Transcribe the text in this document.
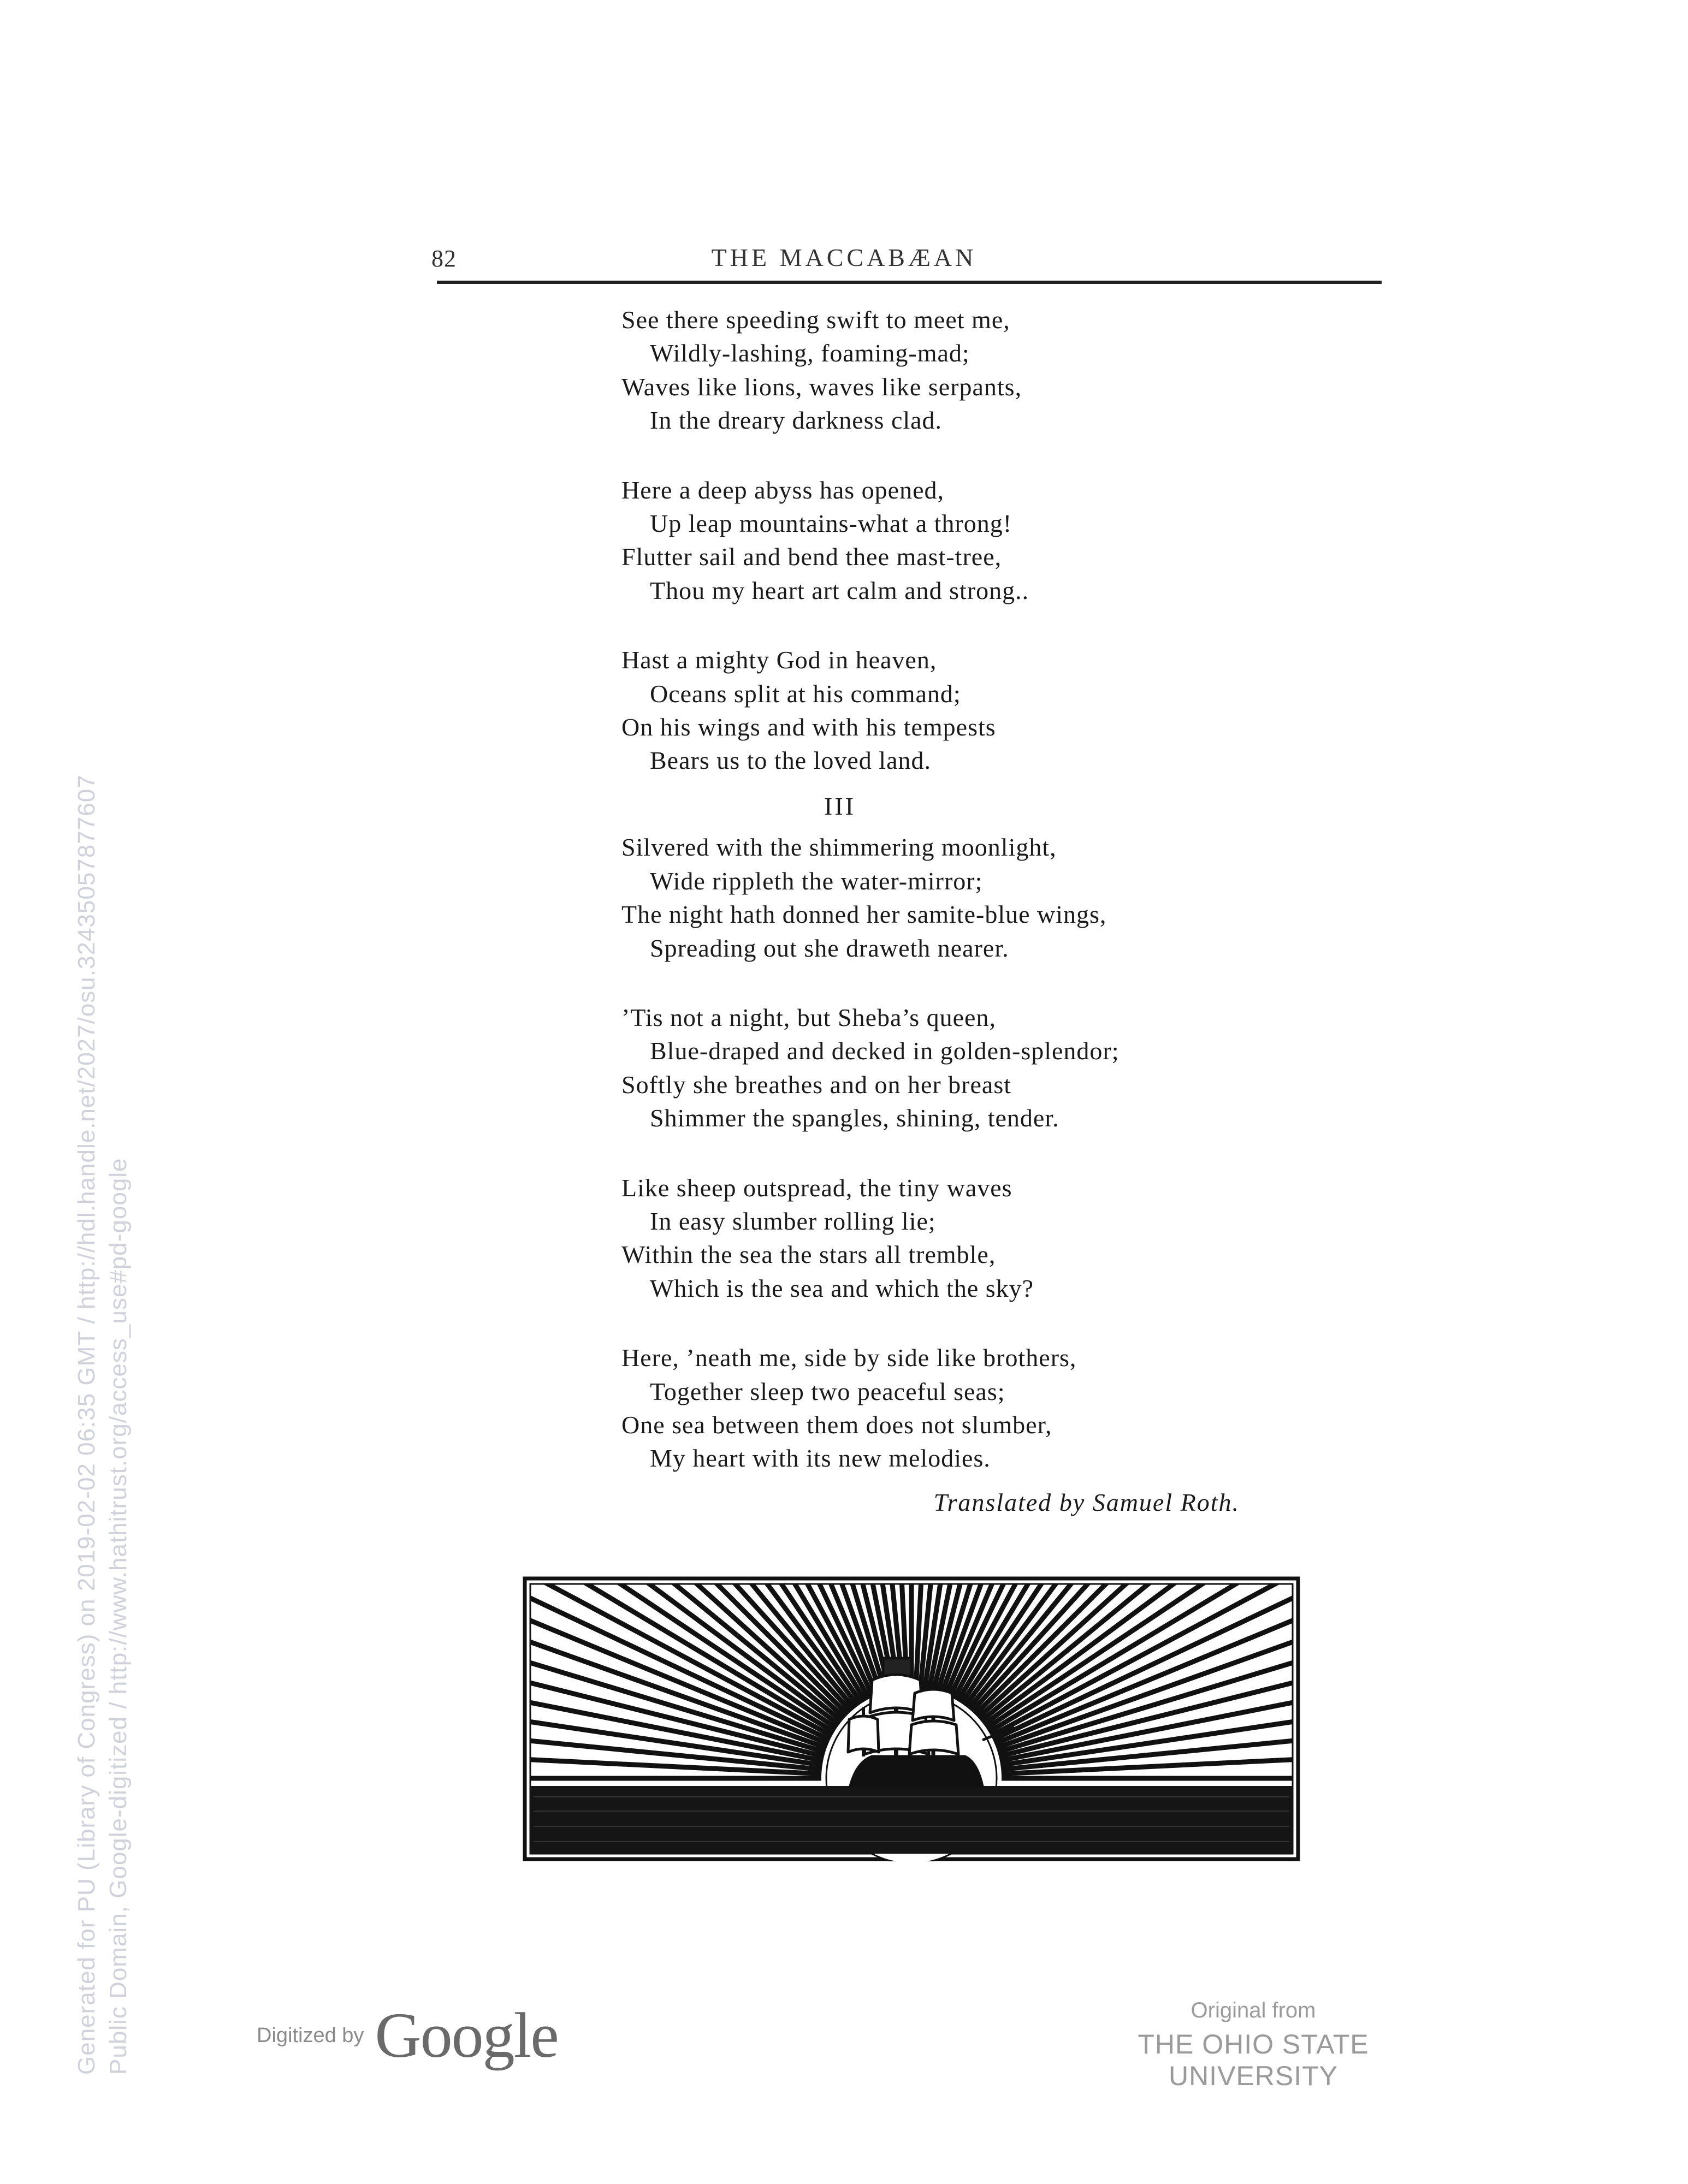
82	THE MACCABÆAN
See there speeding swift to meet me,
Wildly-lashing, foaming-mad;
Waves like lions, waves like serpants,
In the dreary darkness clad.
Here a deep abyss has opened,
Up leap mountains-what a throng!
Flutter sail and bend thee mast-tree,
Thou my heart art calm and strong..
Hast a mighty God in heaven,
Oceans split at his command;
On his wings and with his tempests
Bears us to the loved land.
III
Silvered with the shimmering moonlight,
Wide rippleth the water-mirror;
The night hath donned her samite-blue wings,
Spreading out she draweth nearer.
’Tis not a night, but Sheba’s queen,
Blue-draped and decked in golden-splendor;
Softly she breathes and on her breast
Shimmer the spangles, shining, tender.
Like sheep outspread, the tiny waves
In easy slumber rolling lie;
Within the sea the stars all tremble,
Which is the sea and which the sky?
Here, ’neath me, side by side like brothers,
Together sleep two peaceful seas;
One sea between them does not slumber,
My heart with its new melodies.
Translated by Samuel Roth.
Generated for PU (Library of Congress) on 2019-02-02 06:35 GMT / http://hdl.handle.net/2027/osu.32435057877607 Public Domain, Google-digitized / http://www.hathitrust.org/access_use#pd-google	Digitized by Google	Original from
THE OHIO STATE UNIVERSITY
